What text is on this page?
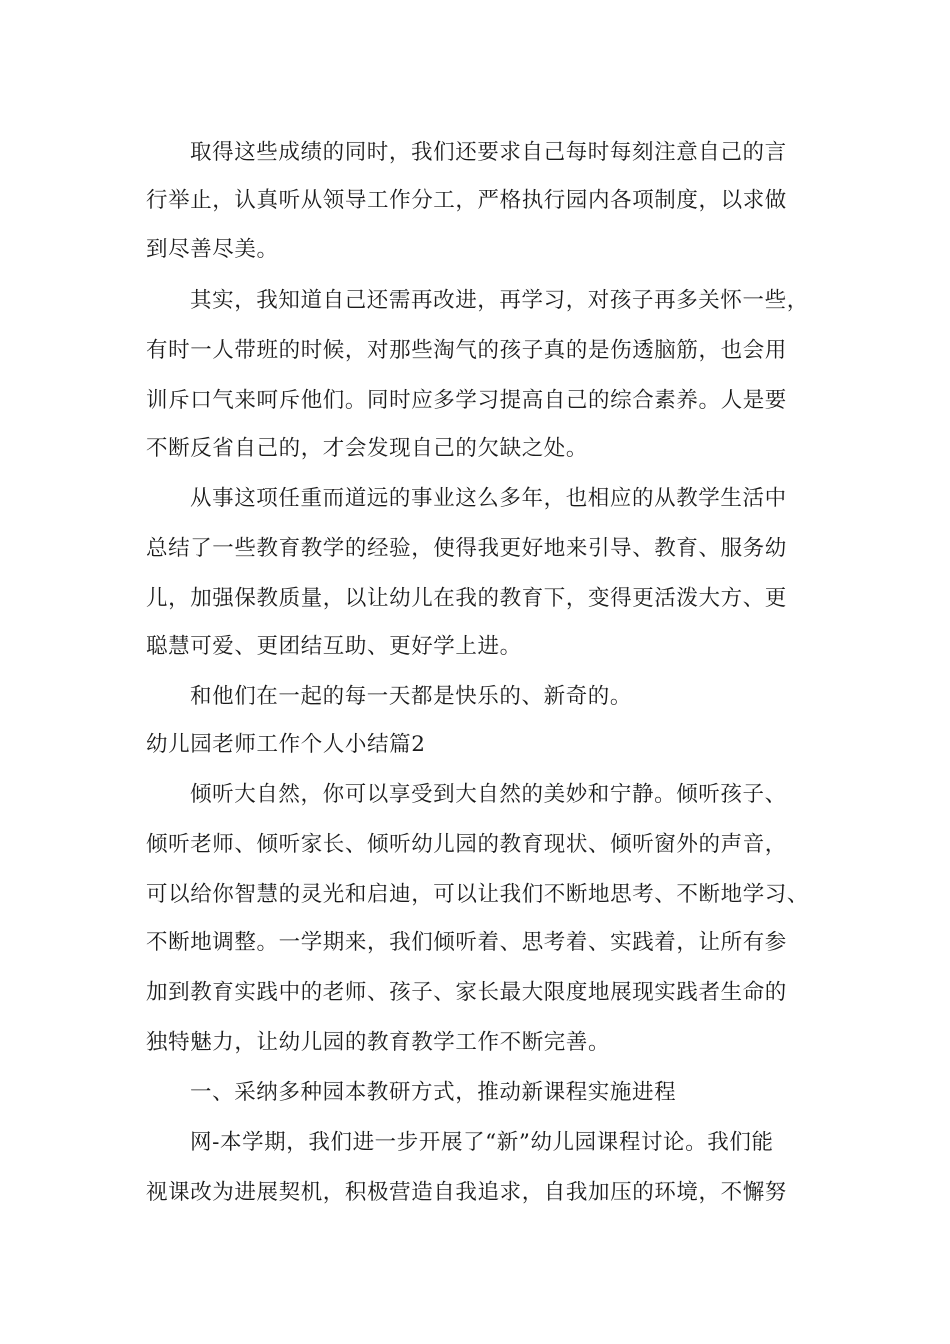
取得这些成绩的同时，我们还要求自己每时每刻注意自己的言
行举止，认真听从领导工作分工，严格执行园内各项制度，以求做
到尽善尽美。
其实，我知道自己还需再改进，再学习，对孩子再多关怀一些，
有时一人带班的时候，对那些淘气的孩子真的是伤透脑筋，也会用
训斥口气来呵斥他们。同时应多学习提高自己的综合素养。人是要
不断反省自己的，才会发现自己的欠缺之处。
从事这项任重而道远的事业这么多年，也相应的从教学生活中
总结了一些教育教学的经验，使得我更好地来引导、教育、服务幼
儿，加强保教质量，以让幼儿在我的教育下，变得更活泼大方、更
聪慧可爱、更团结互助、更好学上进。
和他们在一起的每一天都是快乐的、新奇的。
幼儿园老师工作个人小结篇2
倾听大自然，你可以享受到大自然的美妙和宁静。倾听孩子、
倾听老师、倾听家长、倾听幼儿园的教育现状、倾听窗外的声音，
可以给你智慧的灵光和启迪，可以让我们不断地思考、不断地学习、
不断地调整。一学期来，我们倾听着、思考着、实践着，让所有参
加到教育实践中的老师、孩子、家长最大限度地展现实践者生命的
独特魅力，让幼儿园的教育教学工作不断完善。
一、采纳多种园本教研方式，推动新课程实施进程
网-本学期，我们进一步开展了“新”幼儿园课程讨论。我们能
视课改为进展契机，积极营造自我追求，自我加压的环境，不懈努
